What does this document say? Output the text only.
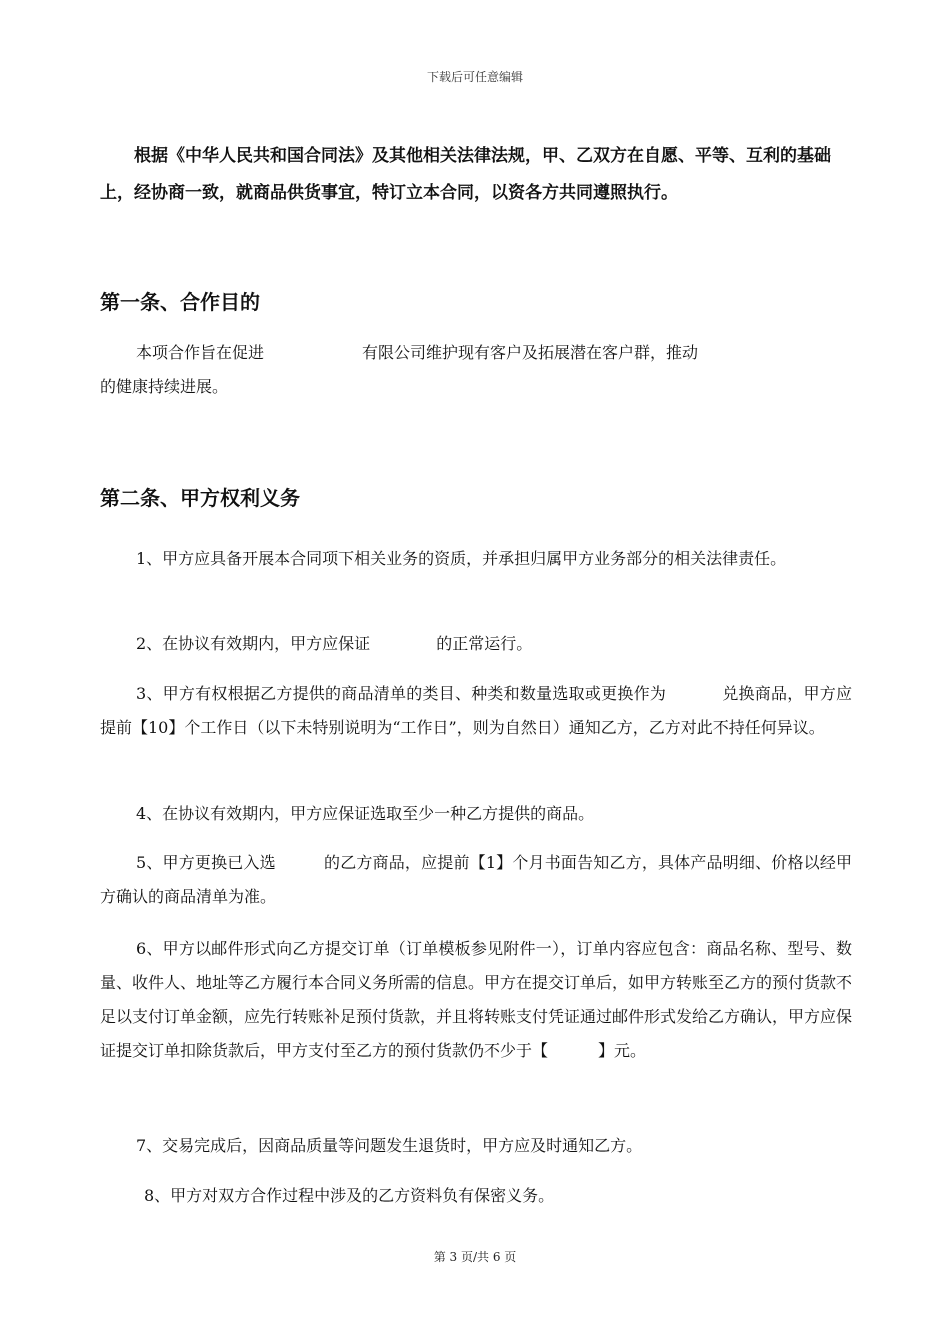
下载后可任意编辑

根据《中华人民共和国合同法》及其他相关法律法规，甲、乙双方在自愿、平等、互利的基础上，经协商一致，就商品供货事宜，特订立本合同，以资各方共同遵照执行。

第一条、合作目的

本项合作旨在促进	有限公司维护现有客户及拓展潜在客户群，推动
的健康持续进展。

第二条、甲方权利义务

1、甲方应具备开展本合同项下相关业务的资质，并承担归属甲方业务部分的相关法律责任。

2、在协议有效期内，甲方应保证	的正常运行。

3、甲方有权根据乙方提供的商品清单的类目、种类和数量选取或更换作为	兑换商品，甲方应提前【10】个工作日（以下未特别说明为“工作日”，则为自然日）通知乙方，乙方对此不持任何异议。

4、在协议有效期内，甲方应保证选取至少一种乙方提供的商品。

5、甲方更换已入选	的乙方商品，应提前【1】个月书面告知乙方，具体产品明细、价格以经甲方确认的商品清单为准。

6、甲方以邮件形式向乙方提交订单（订单模板参见附件一），订单内容应包含：商品名称、型号、数量、收件人、地址等乙方履行本合同义务所需的信息。甲方在提交订单后，如甲方转账至乙方的预付货款不足以支付订单金额，应先行转账补足预付货款，并且将转账支付凭证通过邮件形式发给乙方确认，甲方应保证提交订单扣除货款后，甲方支付至乙方的预付货款仍不少于【	】元。

7、交易完成后，因商品质量等问题发生退货时，甲方应及时通知乙方。

8、甲方对双方合作过程中涉及的乙方资料负有保密义务。

第 3 页/共 6 页
